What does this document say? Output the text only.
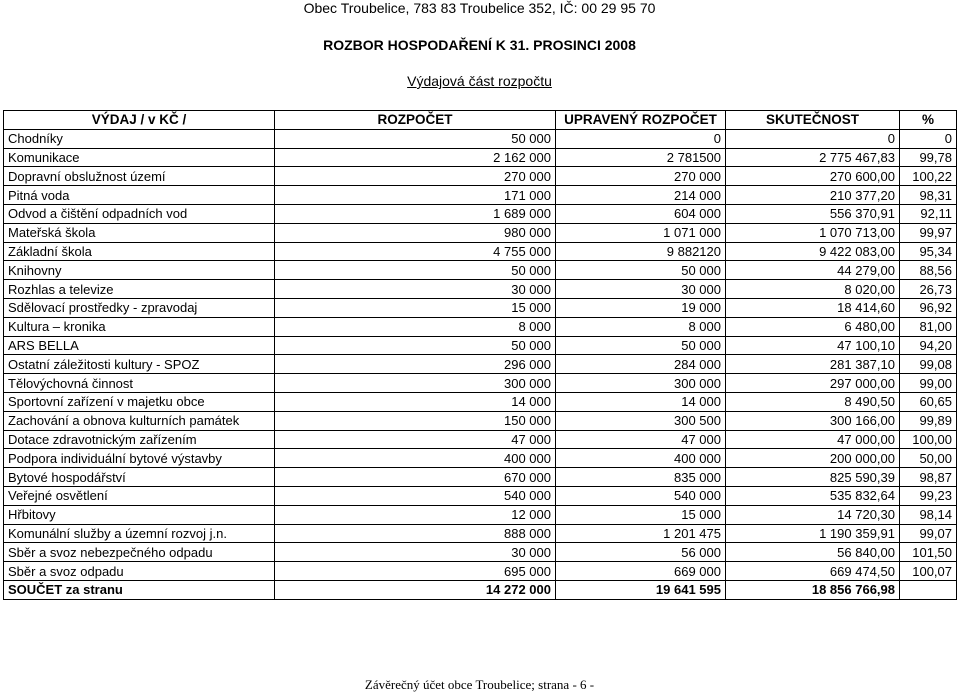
Obec Troubelice, 783 83 Troubelice 352, IČ: 00 29 95 70
ROZBOR HOSPODAŘENÍ K 31. PROSINCI 2008
Výdajová část rozpočtu
VÝDAJ / v KČ /	ROZPOČET	UPRAVENÝ ROZPOČET	SKUTEČNOST	%
Chodníky	50 000	0	0	0
Komunikace	2 162 000	2 781500	2 775 467,83	99,78
Dopravní obslužnost území	270 000	270 000	270 600,00	100,22
Pitná voda	171 000	214 000	210 377,20	98,31
Odvod a čištění odpadních vod	1 689 000	604 000	556 370,91	92,11
Mateřská škola	980 000	1 071 000	1 070 713,00	99,97
Základní škola	4 755 000	9 882120	9 422 083,00	95,34
Knihovny	50 000	50 000	44 279,00	88,56
Rozhlas a televize	30 000	30 000	8 020,00	26,73
Sdělovací prostředky - zpravodaj	15 000	19 000	18 414,60	96,92
Kultura – kronika	8 000	8 000	6 480,00	81,00
ARS BELLA	50 000	50 000	47 100,10	94,20
Ostatní záležitosti kultury - SPOZ	296 000	284 000	281 387,10	99,08
Tělovýchovná činnost	300 000	300 000	297 000,00	99,00
Sportovní zařízení v majetku obce	14 000	14 000	8 490,50	60,65
Zachování a obnova kulturních památek	150 000	300 500	300 166,00	99,89
Dotace zdravotnickým zařízením	47 000	47 000	47 000,00	100,00
Podpora individuální bytové výstavby	400 000	400 000	200 000,00	50,00
Bytové hospodářství	670 000	835 000	825 590,39	98,87
Veřejné osvětlení	540 000	540 000	535 832,64	99,23
Hřbitovy	12 000	15 000	14 720,30	98,14
Komunální služby a územní rozvoj j.n.	888 000	1 201 475	1 190 359,91	99,07
Sběr a svoz nebezpečného odpadu	30 000	56 000	56 840,00	101,50
Sběr a svoz odpadu	695 000	669 000	669 474,50	100,07
SOUČET za stranu	14 272 000	19 641 595	18 856 766,98	
Závěrečný účet obce Troubelice; strana - 6 -
